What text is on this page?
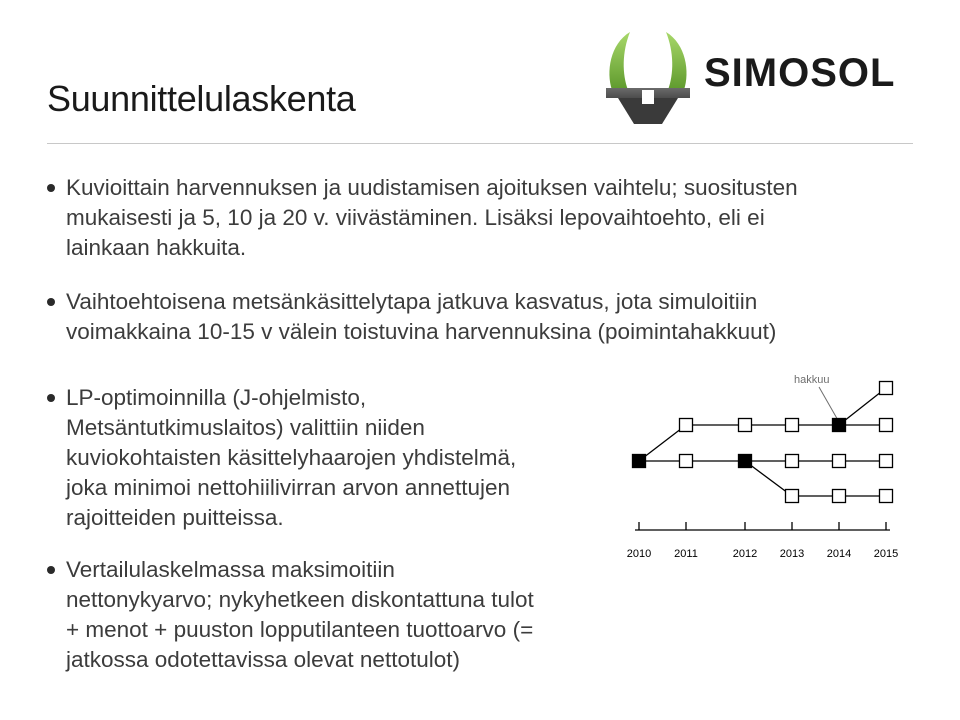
Suunnittelulaskenta
SIMOSOL
Kuvioittain harvennuksen ja uudistamisen ajoituksen vaihtelu; suositusten
mukaisesti ja 5, 10 ja 20 v. viivästäminen. Lisäksi lepovaihtoehto, eli ei
lainkaan hakkuita.
Vaihtoehtoisena metsänkäsittelytapa jatkuva kasvatus, jota simuloitiin
voimakkaina 10-15 v välein toistuvina harvennuksina (poimintahakkuut)
LP-optimoinnilla (J-ohjelmisto,
Metsäntutkimuslaitos) valittiin niiden
kuviokohtaisten käsittelyhaarojen yhdistelmä,
joka minimoi nettohiilivirran arvon annettujen
rajoitteiden puitteissa.
Vertailulaskelmassa maksimoitiin
nettonykyarvo; nykyhetkeen diskontattuna tulot
+ menot + puuston lopputilanteen tuottoarvo (=
jatkossa odotettavissa olevat nettotulot)
hakkuu
2010 2011	2012 2013 2014 2015
